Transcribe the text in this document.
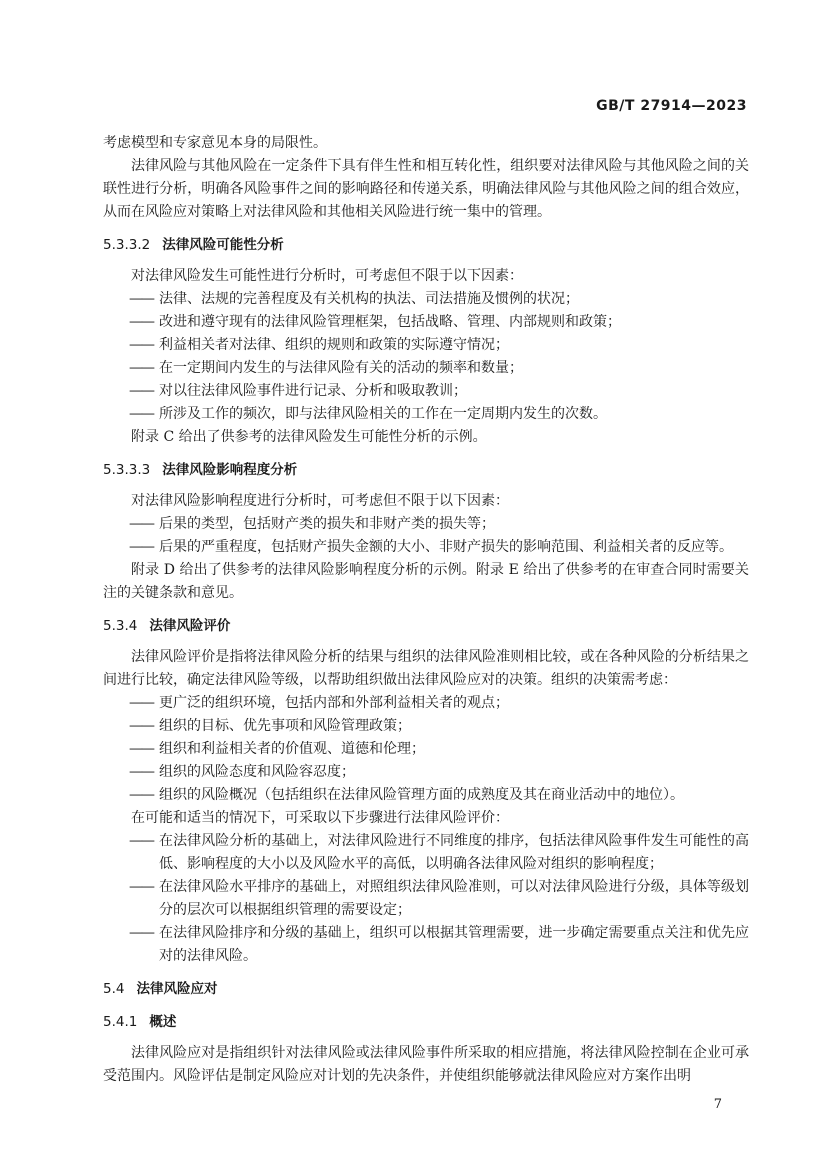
GB/T 27914—2023

考虑模型和专家意见本身的局限性。

法律风险与其他风险在一定条件下具有伴生性和相互转化性，组织要对法律风险与其他风险之间的关联性进行分析，明确各风险事件之间的影响路径和传递关系，明确法律风险与其他风险之间的组合效应，从而在风险应对策略上对法律风险和其他相关风险进行统一集中的管理。

5.3.3.2 法律风险可能性分析

对法律风险发生可能性进行分析时，可考虑但不限于以下因素：

—— 法律、法规的完善程度及有关机构的执法、司法措施及惯例的状况；

—— 改进和遵守现有的法律风险管理框架，包括战略、管理、内部规则和政策；

—— 利益相关者对法律、组织的规则和政策的实际遵守情况；

—— 在一定期间内发生的与法律风险有关的活动的频率和数量；

—— 对以往法律风险事件进行记录、分析和吸取教训；

—— 所涉及工作的频次，即与法律风险相关的工作在一定周期内发生的次数。

附录 C 给出了供参考的法律风险发生可能性分析的示例。

5.3.3.3 法律风险影响程度分析

对法律风险影响程度进行分析时，可考虑但不限于以下因素：

—— 后果的类型，包括财产类的损失和非财产类的损失等；

—— 后果的严重程度，包括财产损失金额的大小、非财产损失的影响范围、利益相关者的反应等。

附录 D 给出了供参考的法律风险影响程度分析的示例。附录 E 给出了供参考的在审查合同时需要关注的关键条款和意见。

5.3.4 法律风险评价

法律风险评价是指将法律风险分析的结果与组织的法律风险准则相比较，或在各种风险的分析结果之间进行比较，确定法律风险等级，以帮助组织做出法律风险应对的决策。组织的决策需考虑：

—— 更广泛的组织环境，包括内部和外部利益相关者的观点；

—— 组织的目标、优先事项和风险管理政策；

—— 组织和利益相关者的价值观、道德和伦理；

—— 组织的风险态度和风险容忍度；

—— 组织的风险概况（包括组织在法律风险管理方面的成熟度及其在商业活动中的地位）。

在可能和适当的情况下，可采取以下步骤进行法律风险评价：

—— 在法律风险分析的基础上，对法律风险进行不同维度的排序，包括法律风险事件发生可能性的高低、影响程度的大小以及风险水平的高低，以明确各法律风险对组织的影响程度；

—— 在法律风险水平排序的基础上，对照组织法律风险准则，可以对法律风险进行分级，具体等级划分的层次可以根据组织管理的需要设定；

—— 在法律风险排序和分级的基础上，组织可以根据其管理需要，进一步确定需要重点关注和优先应对的法律风险。

5.4 法律风险应对
5.4.1 概述

法律风险应对是指组织针对法律风险或法律风险事件所采取的相应措施，将法律风险控制在企业可承受范围内。风险评估是制定风险应对计划的先决条件，并使组织能够就法律风险应对方案作出明

7
